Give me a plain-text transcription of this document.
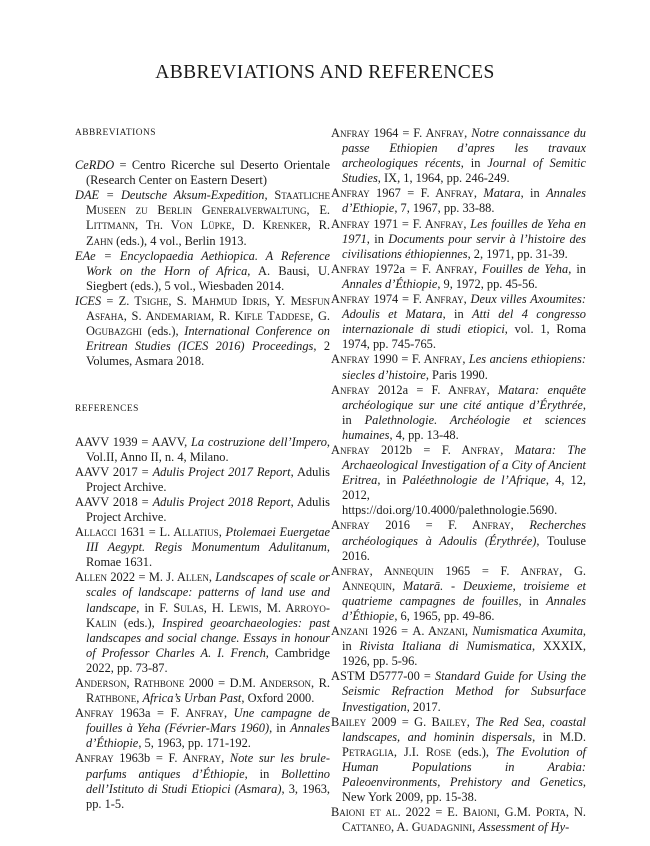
ABBREVIATIONS AND REFERENCES
ABBREVIATIONS

CeRDO = Centro Ricerche sul Deserto Orientale (Research Center on Eastern Desert)

DAE = Deutsche Aksum-Expedition, Staatliche Museen zu Berlin Generalverwaltung, E. Littmann, Th. Von Lüpke, D. Krenker, R. Zahn (eds.), 4 vol., Berlin 1913.

EAe = Encyclopaedia Aethiopica. A Reference Work on the Horn of Africa, A. Bausi, U. Siegbert (eds.), 5 vol., Wiesbaden 2014.

ICES = Z. Tsighe, S. Mahmud Idris, Y. Mesfun Asfaha, S. Andemariam, R. Kifle Taddese, G. Ogubazghi (eds.), International Conference on Eritrean Studies (ICES 2016) Proceedings, 2 Volumes, Asmara 2018.

REFERENCES

AAVV 1939 = AAVV, La costruzione dell’Impero, Vol.II, Anno II, n. 4, Milano.

AAVV 2017 = Adulis Project 2017 Report, Adulis Project Archive.

AAVV 2018 = Adulis Project 2018 Report, Adulis Project Archive.

Allacci 1631 = L. Allatius, Ptolemaei Euergetae III Aegypt. Regis Monumentum Adulitanum, Romae 1631.

Allen 2022 = M. J. Allen, Landscapes of scale or scales of landscape: patterns of land use and landscape, in F. Sulas, H. Lewis, M. Arroyo-Kalin (eds.), Inspired geoarchaeologies: past landscapes and social change. Essays in honour of Professor Charles A. I. French, Cambridge 2022, pp. 73-87.

Anderson, Rathbone 2000 = D.M. Anderson, R. Rathbone, Africa’s Urban Past, Oxford 2000.

Anfray 1963a = F. Anfray, Une campagne de fouilles à Yeha (Février-Mars 1960), in Annales d’Éthiopie, 5, 1963, pp. 171-192.

Anfray 1963b = F. Anfray, Note sur les brule-parfums antiques d’Éthiopie, in Bollettino dell’Istituto di Studi Etiopici (Asmara), 3, 1963, pp. 1-5.

Anfray 1964 = F. Anfray, Notre connaissance du passe Ethiopien d’apres les travaux archeologiques récents, in Journal of Semitic Studies, IX, 1, 1964, pp. 246-249.

Anfray 1967 = F. Anfray, Matara, in Annales d’Ethiopie, 7, 1967, pp. 33-88.

Anfray 1971 = F. Anfray, Les fouilles de Yeha en 1971, in Documents pour servir à l’histoire des civilisations éthiopiennes, 2, 1971, pp. 31-39.

Anfray 1972a = F. Anfray, Fouilles de Yeha, in Annales d’Éthiopie, 9, 1972, pp. 45-56.

Anfray 1974 = F. Anfray, Deux villes Axoumites: Adoulis et Matara, in Atti del 4 congresso internazionale di studi etiopici, vol. 1, Roma 1974, pp. 745-765.

Anfray 1990 = F. Anfray, Les anciens ethiopiens: siecles d’histoire, Paris 1990.

Anfray 2012a = F. Anfray, Matara: enquête archéologique sur une cité antique d’Érythrée, in Palethnologie. Archéologie et sciences humaines, 4, pp. 13-48.

Anfray 2012b = F. Anfray, Matara: The Archaeological Investigation of a City of Ancient Eritrea, in Paléethnologie de l’Afrique, 4, 12, 2012, https://doi.org/10.4000/palethnologie.5690.

Anfray 2016 = F. Anfray, Recherches archéologiques à Adoulis (Érythrée), Touluse 2016.

Anfray, Annequin 1965 = F. Anfray, G. Annequin, Matarā. - Deuxieme, troisieme et quatrieme campagnes de fouilles, in Annales d’Éthiopie, 6, 1965, pp. 49-86.

Anzani 1926 = A. Anzani, Numismatica Axumita, in Rivista Italiana di Numismatica, XXXIX, 1926, pp. 5-96.

ASTM D5777-00 = Standard Guide for Using the Seismic Refraction Method for Subsurface Investigation, 2017.

Bailey 2009 = G. Bailey, The Red Sea, coastal landscapes, and hominin dispersals, in M.D. Petraglia, J.I. Rose (eds.), The Evolution of Human Populations in Arabia: Paleoenvironments, Prehistory and Genetics, New York 2009, pp. 15-38.

Baioni et al. 2022 = E. Baioni, G.M. Porta, N. Cattaneo, A. Guadagnini, Assessment of Hy-
